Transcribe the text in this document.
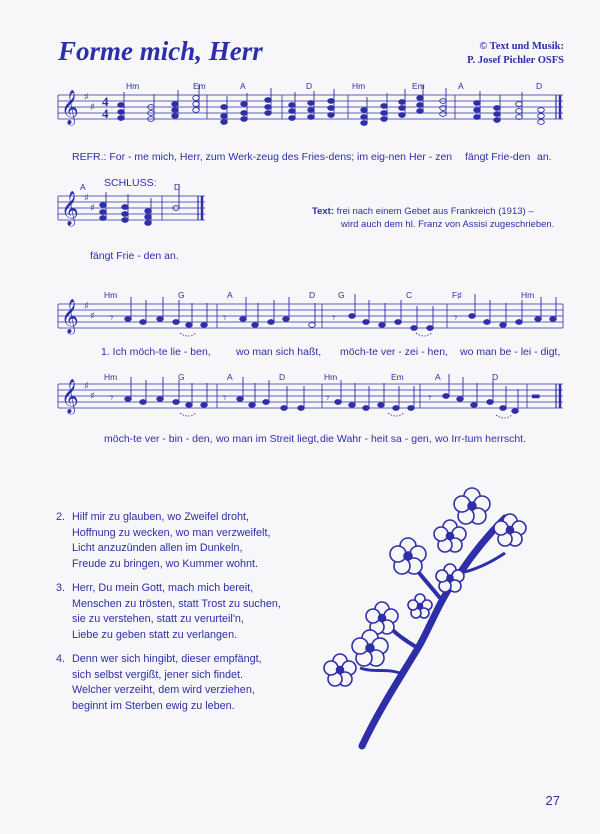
Forme mich, Herr	© Text und Musik:
P. Josef Pichler OSFS
𝄞
𝄞
𝄞
𝄞
♯
♯
♯
♯
♯
♯
♯
♯
4
4
▬
𝄾	𝄾	𝄾	𝄾
𝄾	𝄾	𝄾	𝄾
Hm	Em	A	D	Hm	Em	A	D
REFR.: For - me mich, Herr, zum Werk-zeug des Fries-dens; im eig-nen Her - zen fängt Frie-den an.
A SCHLUSS: D
fängt Frie - den an.
Text: frei nach einem Gebet aus Frankreich (1913) –
wird auch dem hl. Franz von Assisi zugeschrieben.
Hm	G	A	D	G	C	F♯	Hm
1. Ich möch-te lie - ben, wo man sich haßt, möch-te ver - zei - hen, wo man be - lei - digt,
Hm	G	A	D	Hm	Em	A	D
möch-te ver - bin - den, wo man im Streit liegt, die Wahr - heit sa - gen, wo Irr-tum herrscht.
2. Hilf mir zu glauben, wo Zweifel droht,
Hoffnung zu wecken, wo man verzweifelt,
Licht anzuzünden allen im Dunkeln,
Freude zu bringen, wo Kummer wohnt.
3. Herr, Du mein Gott, mach mich bereit,
Menschen zu trösten, statt Trost zu suchen,
sie zu verstehen, statt zu verurteil'n,
Liebe zu geben statt zu verlangen.
4. Denn wer sich hingibt, dieser empfängt,
sich selbst vergißt, jener sich findet.
Welcher verzeiht, dem wird verziehen,
beginnt im Sterben ewig zu leben.
27
